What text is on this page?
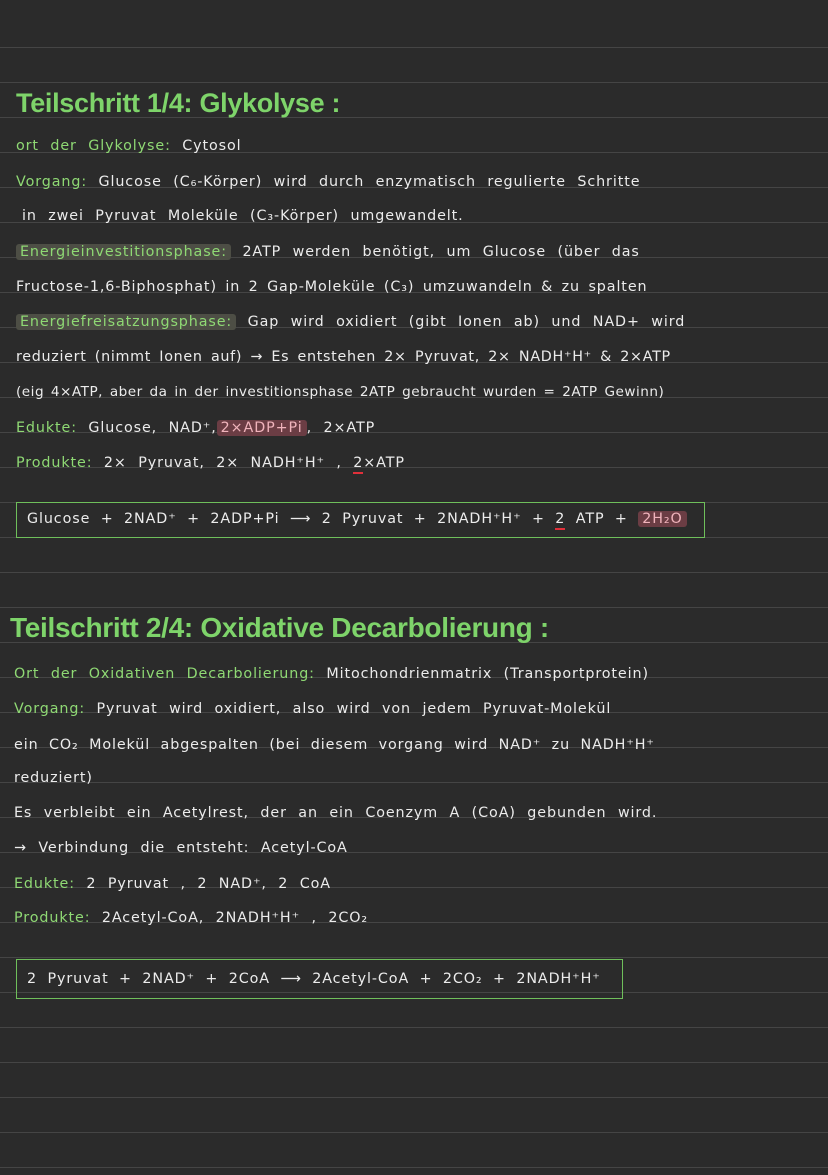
Teilschritt 1/4: Glykolyse :
ort der Glykolyse: Cytosol
Vorgang: Glucose (C₆-Körper) wird durch enzymatisch regulierte Schritte
in zwei Pyruvat Moleküle (C₃-Körper) umgewandelt.
Energieinvestitionsphase: 2ATP werden benötigt, um Glucose (über das
Fructose-1,6-Biphosphat) in 2 Gap-Moleküle (C₃) umzuwandeln & zu spalten
Energiefreisatzungsphase: Gap wird oxidiert (gibt Ionen ab) und NAD+ wird
reduziert (nimmt Ionen auf) → Es entstehen 2× Pyruvat, 2× NADH⁺H⁺ & 2×ATP
(eig 4×ATP, aber da in der investitionsphase 2ATP gebraucht wurden = 2ATP Gewinn)
Edukte: Glucose, NAD⁺, 2×ADP+Pi , 2×ATP
Produkte: 2× Pyruvat, 2× NADH⁺H⁺ , 2×ATP
Glucose + 2NAD⁺ + 2ADP+Pi ⟶ 2 Pyruvat + 2NADH⁺H⁺ + 2 ATP + 2H₂O
Teilschritt 2/4: Oxidative Decarbolierung :
Ort der Oxidativen Decarbolierung: Mitochondrienmatrix (Transportprotein)
Vorgang: Pyruvat wird oxidiert, also wird von jedem Pyruvat-Molekül
ein CO₂ Molekül abgespalten (bei diesem vorgang wird NAD⁺ zu NADH⁺H⁺
reduziert)
Es verbleibt ein Acetylrest, der an ein Coenzym A (CoA) gebunden wird.
→ Verbindung die entsteht: Acetyl-CoA
Edukte: 2 Pyruvat , 2 NAD⁺, 2 CoA
Produkte: 2Acetyl-CoA, 2NADH⁺H⁺ , 2CO₂
2 Pyruvat + 2NAD⁺ + 2CoA ⟶ 2Acetyl-CoA + 2CO₂ + 2NADH⁺H⁺
